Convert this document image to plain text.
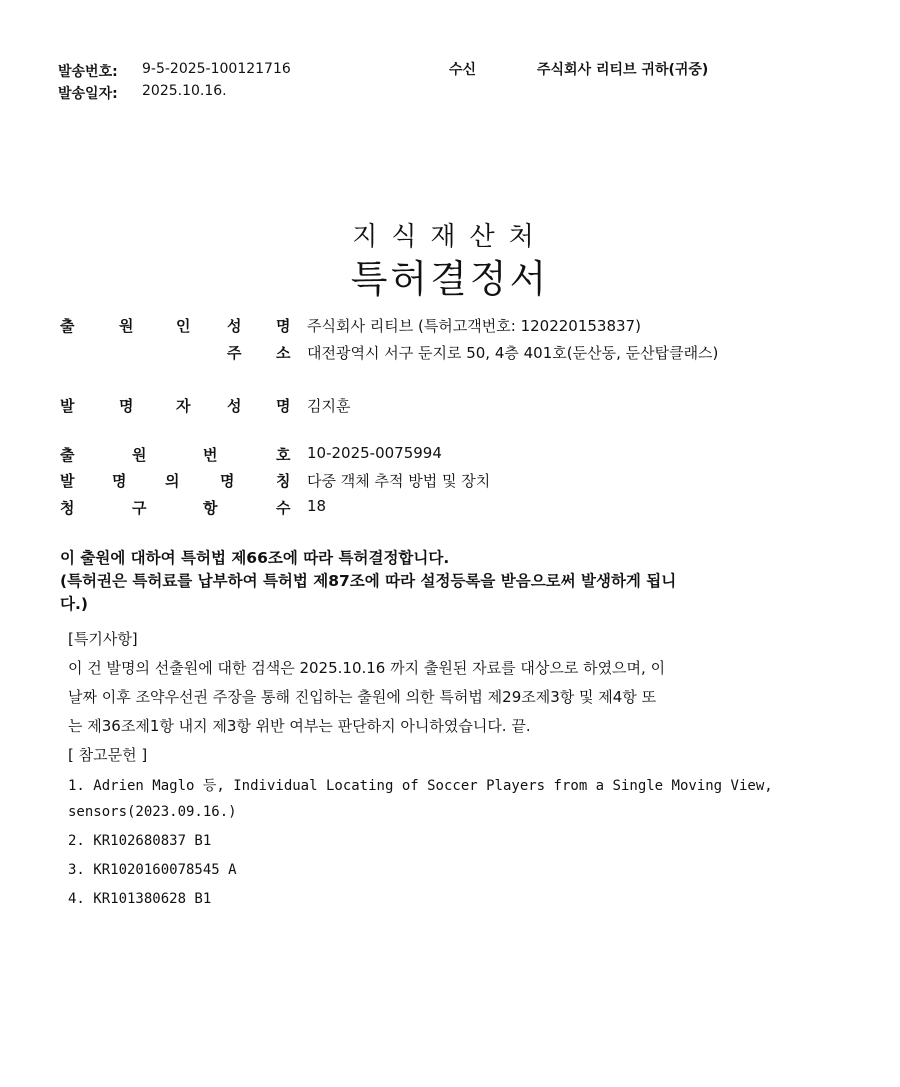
발송번호: 9-5-2025-100121716
발송일자: 2025.10.16.
수신	주식회사 리티브 귀하(귀중)
지식재산처
특허결정서
출	원	인 성 명 주식회사 리티브 (특허고객번호: 120220153837)
주 소 대전광역시 서구 둔지로 50, 4층 401호(둔산동, 둔산탑클래스)
발	명	자 성 명 김지훈
출	원	번	호 10-2025-0075994
발	명	의	명	칭 다중 객체 추적 방법 및 장치
청	구	항	수 18
이 출원에 대하여 특허법 제66조에 따라 특허결정합니다.
(특허권은 특허료를 납부하여 특허법 제87조에 따라 설정등록을 받음으로써 발생하게 됩니
다.)
[특기사항]
이 건 발명의 선출원에 대한 검색은 2025.10.16 까지 출원된 자료를 대상으로 하였으며, 이
날짜 이후 조약우선권 주장을 통해 진입하는 출원에 의한 특허법 제29조제3항 및 제4항 또
는 제36조제1항 내지 제3항 위반 여부는 판단하지 아니하였습니다. 끝.
[ 참고문헌 ]
1. Adrien Maglo 등, Individual Locating of Soccer Players from a Single Moving View,
sensors(2023.09.16.)
2. KR102680837 B1
3. KR1020160078545 A
4. KR101380628 B1
